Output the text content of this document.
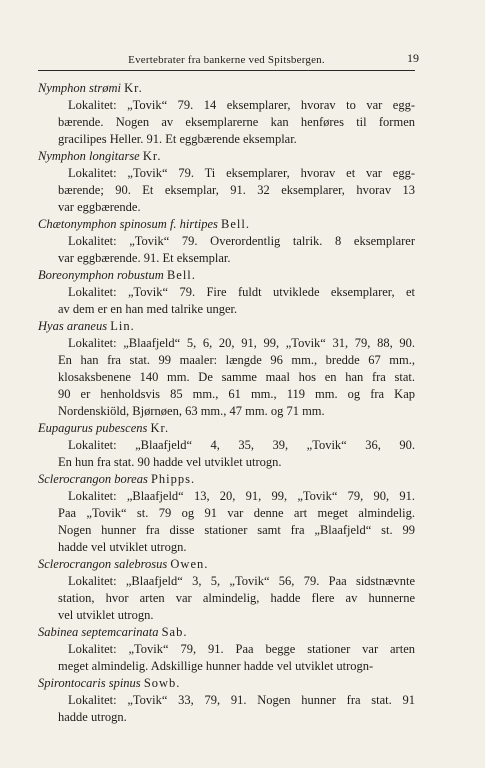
Evertebrater fra bankerne ved Spitsbergen.	19
Nymphon strømi Kr.
Lokalitet: „Tovik“ 79. 14 eksemplarer, hvorav to var egg-
bærende. Nogen av eksemplarerne kan henføres til formen
gracilipes Heller. 91. Et eggbærende eksemplar.
Nymphon longitarse Kr.
Lokalitet: „Tovik“ 79. Ti eksemplarer, hvorav et var egg-
bærende; 90. Et eksemplar, 91. 32 eksemplarer, hvorav 13
var eggbærende.
Chætonymphon spinosum f. hirtipes Bell.
Lokalitet: „Tovik“ 79. Overordentlig talrik. 8 eksemplarer
var eggbærende. 91. Et eksemplar.
Boreonymphon robustum Bell.
Lokalitet: „Tovik“ 79. Fire fuldt utviklede eksemplarer, et
av dem er en han med talrike unger.
Hyas araneus Lin.
Lokalitet: „Blaafjeld“ 5, 6, 20, 91, 99, „Tovik“ 31, 79, 88, 90.
En han fra stat. 99 maaler: længde 96 mm., bredde 67 mm.,
klosaksbenene 140 mm. De samme maal hos en han fra stat.
90 er henholdsvis 85 mm., 61 mm., 119 mm. og fra Kap
Nordenskiöld, Bjørnøen, 63 mm., 47 mm. og 71 mm.
Eupagurus pubescens Kr.
Lokalitet: „Blaafjeld“ 4, 35, 39, „Tovik“ 36, 90.
En hun fra stat. 90 hadde vel utviklet utrogn.
Sclerocrangon boreas Phipps.
Lokalitet: „Blaafjeld“ 13, 20, 91, 99, „Tovik“ 79, 90, 91.
Paa „Tovik“ st. 79 og 91 var denne art meget almindelig.
Nogen hunner fra disse stationer samt fra „Blaafjeld“ st. 99
hadde vel utviklet utrogn.
Sclerocrangon salebrosus Owen.
Lokalitet: „Blaafjeld“ 3, 5, „Tovik“ 56, 79. Paa sidstnævnte
station, hvor arten var almindelig, hadde flere av hunnerne
vel utviklet utrogn.
Sabinea septemcarinata Sab.
Lokalitet: „Tovik“ 79, 91. Paa begge stationer var arten
meget almindelig. Adskillige hunner hadde vel utviklet utrogn-
Spirontocaris spinus Sowb.
Lokalitet: „Tovik“ 33, 79, 91. Nogen hunner fra stat. 91
hadde utrogn.
